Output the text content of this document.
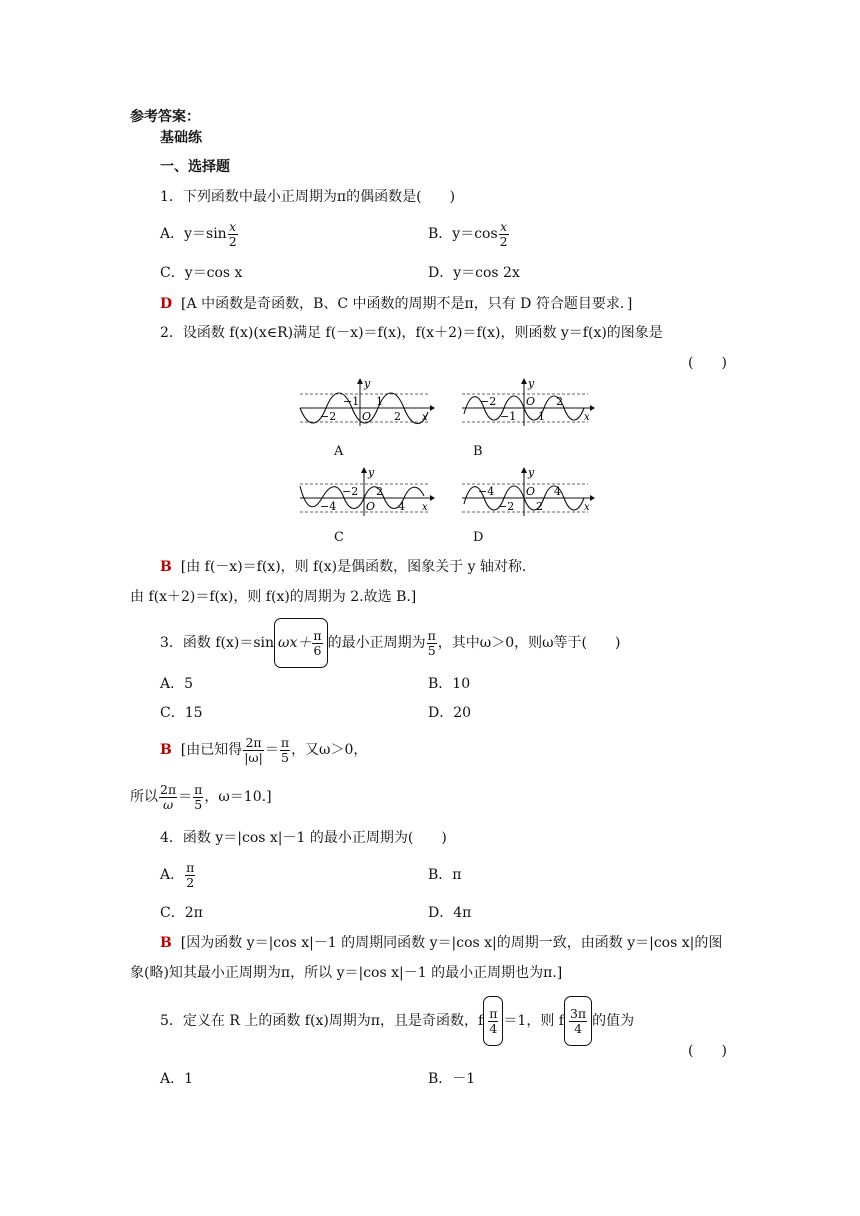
参考答案：
基础练
一、选择题
1．下列函数中最小正周期为π的偶函数是(　　)
A．$y=\sin \frac{x}{2}$	B．$y=\cos \frac{x}{2}$
C．y＝cos x	D．y＝cos 2x
D [A 中函数是奇函数，B、C 中函数的周期不是π，只有 D 符合题目要求．]
2．设函数 f(x)(x∈R)满足 f(－x)＝f(x)，f(x＋2)＝f(x)，则函数 y＝f(x)的图象是
(　　)
y
−1 1
−2 O 2 x
A
y
−2	O 2
−1 1	x
B
y
−2 2
−4	O 4 x
C
y
−4	O 4
−2 2	x
D
B [由 f(－x)＝f(x)，则 f(x)是偶函数，图象关于 y 轴对称．
由 f(x＋2)＝f(x)，则 f(x)的周期为 2.故选 B.]
3．函数 f(x)＝sin $\omega x+ \frac{\pi}{6}$ 的最小正周期为 $\frac{\pi}{5}$ ，其中ω＞0，则ω等于(　　)
A．5	B．10
C．15	D．20
B [由已知得 $\frac{2\pi}{|\omega|} = \frac{\pi}{5}$ ，又ω＞0，
所以 $\frac{2\pi}{\omega} = \frac{\pi}{5}$ ，ω＝10.]
4．函数 y＝|cos x|－1 的最小正周期为(　　)
A． $\frac{\pi}{2}$	B．π
C．2π	D．4π
B [因为函数 y＝|cos x|－1 的周期同函数 y＝|cos x|的周期一致，由函数 y＝|cos x|的图
象(略)知其最小正周期为π，所以 y＝|cos x|－1 的最小正周期也为π.]
5．定义在 R 上的函数 f(x)周期为π，且是奇函数，f $\frac{\pi}{4} =1$，则 f $\frac{3\pi}{4}$ 的值为
(　　)
A．1	B．－1
